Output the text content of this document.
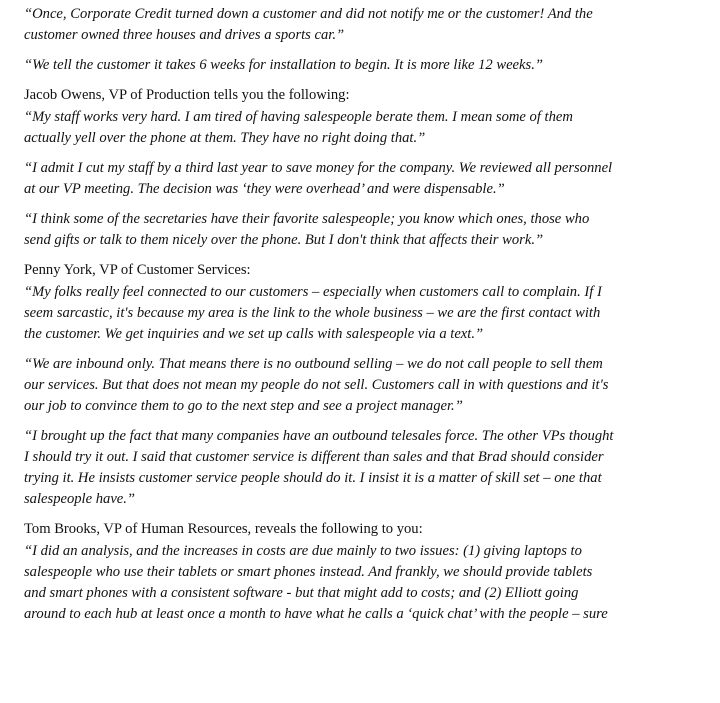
“Once, Corporate Credit turned down a customer and did not notify me or the customer! And the
customer owned three houses and drives a sports car.”
“We tell the customer it takes 6 weeks for installation to begin. It is more like 12 weeks.”
Jacob Owens, VP of Production tells you the following:
“My staff works very hard. I am tired of having salespeople berate them. I mean some of them
actually yell over the phone at them. They have no right doing that.”
“I admit I cut my staff by a third last year to save money for the company. We reviewed all personnel
at our VP meeting. The decision was ‘they were overhead’ and were dispensable.”
“I think some of the secretaries have their favorite salespeople; you know which ones, those who
send gifts or talk to them nicely over the phone. But I don't think that affects their work.”
Penny York, VP of Customer Services:
“My folks really feel connected to our customers – especially when customers call to complain. If I
seem sarcastic, it's because my area is the link to the whole business – we are the first contact with
the customer. We get inquiries and we set up calls with salespeople via a text.”
“We are inbound only. That means there is no outbound selling – we do not call people to sell them
our services. But that does not mean my people do not sell. Customers call in with questions and it's
our job to convince them to go to the next step and see a project manager.”
“I brought up the fact that many companies have an outbound telesales force. The other VPs thought
I should try it out. I said that customer service is different than sales and that Brad should consider
trying it. He insists customer service people should do it. I insist it is a matter of skill set – one that
salespeople have.”
Tom Brooks, VP of Human Resources, reveals the following to you:
“I did an analysis, and the increases in costs are due mainly to two issues: (1) giving laptops to
salespeople who use their tablets or smart phones instead. And frankly, we should provide tablets
and smart phones with a consistent software - but that might add to costs; and (2) Elliott going
around to each hub at least once a month to have what he calls a ‘quick chat’ with the people – sure
